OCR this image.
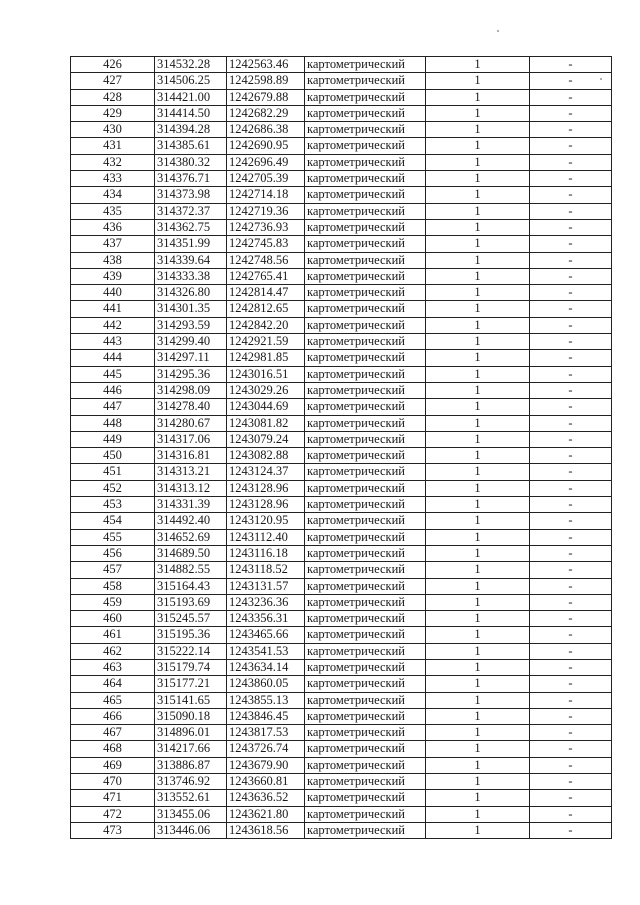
426	314532.28	1242563.46	картометрический	1	-
427	314506.25	1242598.89	картометрический	1	-
428	314421.00	1242679.88	картометрический	1	-
429	314414.50	1242682.29	картометрический	1	-
430	314394.28	1242686.38	картометрический	1	-
431	314385.61	1242690.95	картометрический	1	-
432	314380.32	1242696.49	картометрический	1	-
433	314376.71	1242705.39	картометрический	1	-
434	314373.98	1242714.18	картометрический	1	-
435	314372.37	1242719.36	картометрический	1	-
436	314362.75	1242736.93	картометрический	1	-
437	314351.99	1242745.83	картометрический	1	-
438	314339.64	1242748.56	картометрический	1	-
439	314333.38	1242765.41	картометрический	1	-
440	314326.80	1242814.47	картометрический	1	-
441	314301.35	1242812.65	картометрический	1	-
442	314293.59	1242842.20	картометрический	1	-
443	314299.40	1242921.59	картометрический	1	-
444	314297.11	1242981.85	картометрический	1	-
445	314295.36	1243016.51	картометрический	1	-
446	314298.09	1243029.26	картометрический	1	-
447	314278.40	1243044.69	картометрический	1	-
448	314280.67	1243081.82	картометрический	1	-
449	314317.06	1243079.24	картометрический	1	-
450	314316.81	1243082.88	картометрический	1	-
451	314313.21	1243124.37	картометрический	1	-
452	314313.12	1243128.96	картометрический	1	-
453	314331.39	1243128.96	картометрический	1	-
454	314492.40	1243120.95	картометрический	1	-
455	314652.69	1243112.40	картометрический	1	-
456	314689.50	1243116.18	картометрический	1	-
457	314882.55	1243118.52	картометрический	1	-
458	315164.43	1243131.57	картометрический	1	-
459	315193.69	1243236.36	картометрический	1	-
460	315245.57	1243356.31	картометрический	1	-
461	315195.36	1243465.66	картометрический	1	-
462	315222.14	1243541.53	картометрический	1	-
463	315179.74	1243634.14	картометрический	1	-
464	315177.21	1243860.05	картометрический	1	-
465	315141.65	1243855.13	картометрический	1	-
466	315090.18	1243846.45	картометрический	1	-
467	314896.01	1243817.53	картометрический	1	-
468	314217.66	1243726.74	картометрический	1	-
469	313886.87	1243679.90	картометрический	1	-
470	313746.92	1243660.81	картометрический	1	-
471	313552.61	1243636.52	картометрический	1	-
472	313455.06	1243621.80	картометрический	1	-
473	313446.06	1243618.56	картометрический	1	-
